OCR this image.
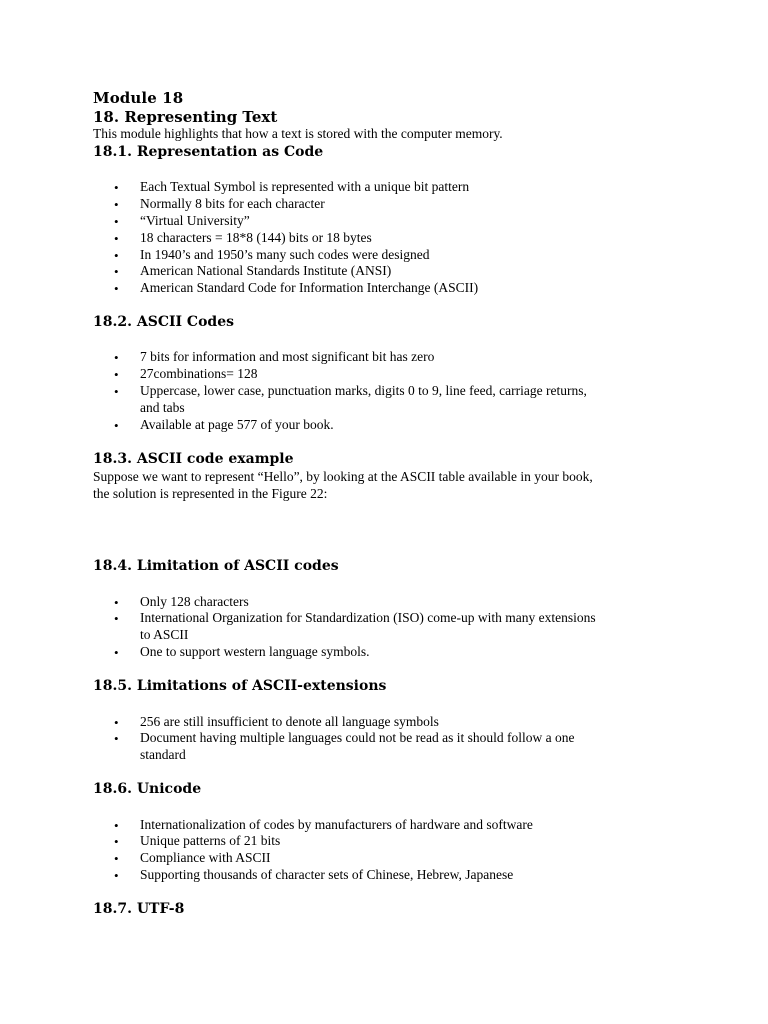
Module 18
18. Representing Text
This module highlights that how a text is stored with the computer memory.
18.1. Representation as Code
• Each Textual Symbol is represented with a unique bit pattern
• Normally 8 bits for each character
• “Virtual University”
• 18 characters = 18*8 (144) bits or 18 bytes
• In 1940’s and 1950’s many such codes were designed
• American National Standards Institute (ANSI)
• American Standard Code for Information Interchange (ASCII)
18.2. ASCII Codes
• 7 bits for information and most significant bit has zero
• 27combinations= 128
• Uppercase, lower case, punctuation marks, digits 0 to 9, line feed, carriage returns,
and tabs
• Available at page 577 of your book.
18.3. ASCII code example
Suppose we want to represent “Hello”, by looking at the ASCII table available in your book,
the solution is represented in the Figure 22:
18.4. Limitation of ASCII codes
• Only 128 characters
• International Organization for Standardization (ISO) come-up with many extensions
to ASCII
• One to support western language symbols.
18.5. Limitations of ASCII-extensions
• 256 are still insufficient to denote all language symbols
• Document having multiple languages could not be read as it should follow a one
standard
18.6. Unicode
• Internationalization of codes by manufacturers of hardware and software
• Unique patterns of 21 bits
• Compliance with ASCII
• Supporting thousands of character sets of Chinese, Hebrew, Japanese
18.7. UTF-8
